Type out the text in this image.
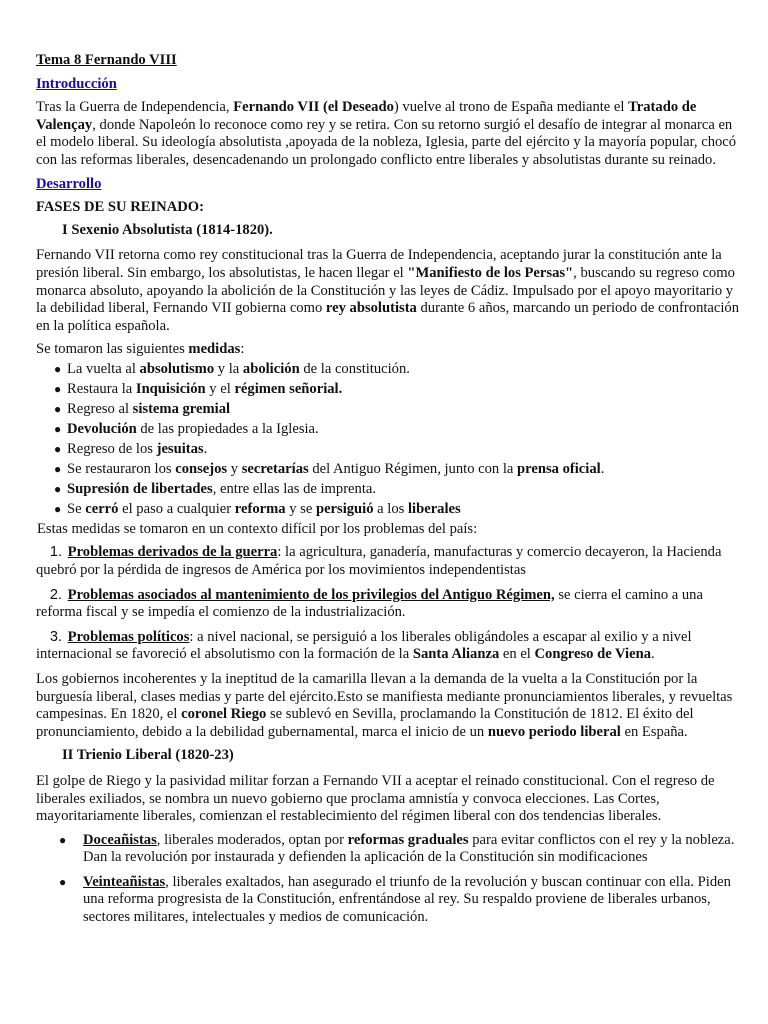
Tema 8 Fernando VIII
Introducción

Tras la Guerra de Independencia, Fernando VII (el Deseado) vuelve al trono de España mediante el Tratado de Valençay, donde Napoleón lo reconoce como rey y se retira. Con su retorno surgió el desafío de integrar al monarca en el modelo liberal. Su ideología absolutista ,apoyada de la nobleza, Iglesia, parte del ejército y la mayoría popular, chocó con las reformas liberales, desencadenando un prolongado conflicto entre liberales y absolutistas durante su reinado.

Desarrollo
FASES DE SU REINADO:
I Sexenio Absolutista (1814-1820).

Fernando VII retorna como rey constitucional tras la Guerra de Independencia, aceptando jurar la constitución ante la presión liberal. Sin embargo, los absolutistas, le hacen llegar el "Manifiesto de los Persas", buscando su regreso como monarca absoluto, apoyando la abolición de la Constitución y las leyes de Cádiz. Impulsado por el apoyo mayoritario y la debilidad liberal, Fernando VII gobierna como rey absolutista durante 6 años, marcando un periodo de confrontación en la política española.

Se tomaron las siguientes medidas:
● La vuelta al absolutismo y la abolición de la constitución.
● Restaura la Inquisición y el régimen señorial.
● Regreso al sistema gremial
● Devolución de las propiedades a la Iglesia.
● Regreso de los jesuitas.
● Se restauraron los consejos y secretarías del Antiguo Régimen, junto con la prensa oficial.
● Supresión de libertades, entre ellas las de imprenta.
● Se cerró el paso a cualquier reforma y se persiguió a los liberales
Estas medidas se tomaron en un contexto difícil por los problemas del país:
1. Problemas derivados de la guerra: la agricultura, ganadería, manufacturas y comercio decayeron, la Hacienda quebró por la pérdida de ingresos de América por los movimientos independentistas
2. Problemas asociados al mantenimiento de los privilegios del Antiguo Régimen, se cierra el camino a una reforma fiscal y se impedía el comienzo de la industrialización.
3. Problemas políticos: a nivel nacional, se persiguió a los liberales obligándoles a escapar al exilio y a nivel internacional se favoreció el absolutismo con la formación de la Santa Alianza en el Congreso de Viena.

Los gobiernos incoherentes y la ineptitud de la camarilla llevan a la demanda de la vuelta a la Constitución por la burguesía liberal, clases medias y parte del ejército.Esto se manifiesta mediante pronunciamientos liberales, y revueltas campesinas. En 1820, el coronel Riego se sublevó en Sevilla, proclamando la Constitución de 1812. El éxito del pronunciamiento, debido a la debilidad gubernamental, marca el inicio de un nuevo periodo liberal en España.

II Trienio Liberal (1820-23)

El golpe de Riego y la pasividad militar forzan a Fernando VII a aceptar el reinado constitucional. Con el regreso de liberales exiliados, se nombra un nuevo gobierno que proclama amnistía y convoca elecciones. Las Cortes, mayoritariamente liberales, comienzan el restablecimiento del régimen liberal con dos tendencias liberales.

● Doceañistas, liberales moderados, optan por reformas graduales para evitar conflictos con el rey y la nobleza. Dan la revolución por instaurada y defienden la aplicación de la Constitución sin modificaciones
● Veinteañistas, liberales exaltados, han asegurado el triunfo de la revolución y buscan continuar con ella. Piden una reforma progresista de la Constitución, enfrentándose al rey. Su respaldo proviene de liberales urbanos, sectores militares, intelectuales y medios de comunicación.
